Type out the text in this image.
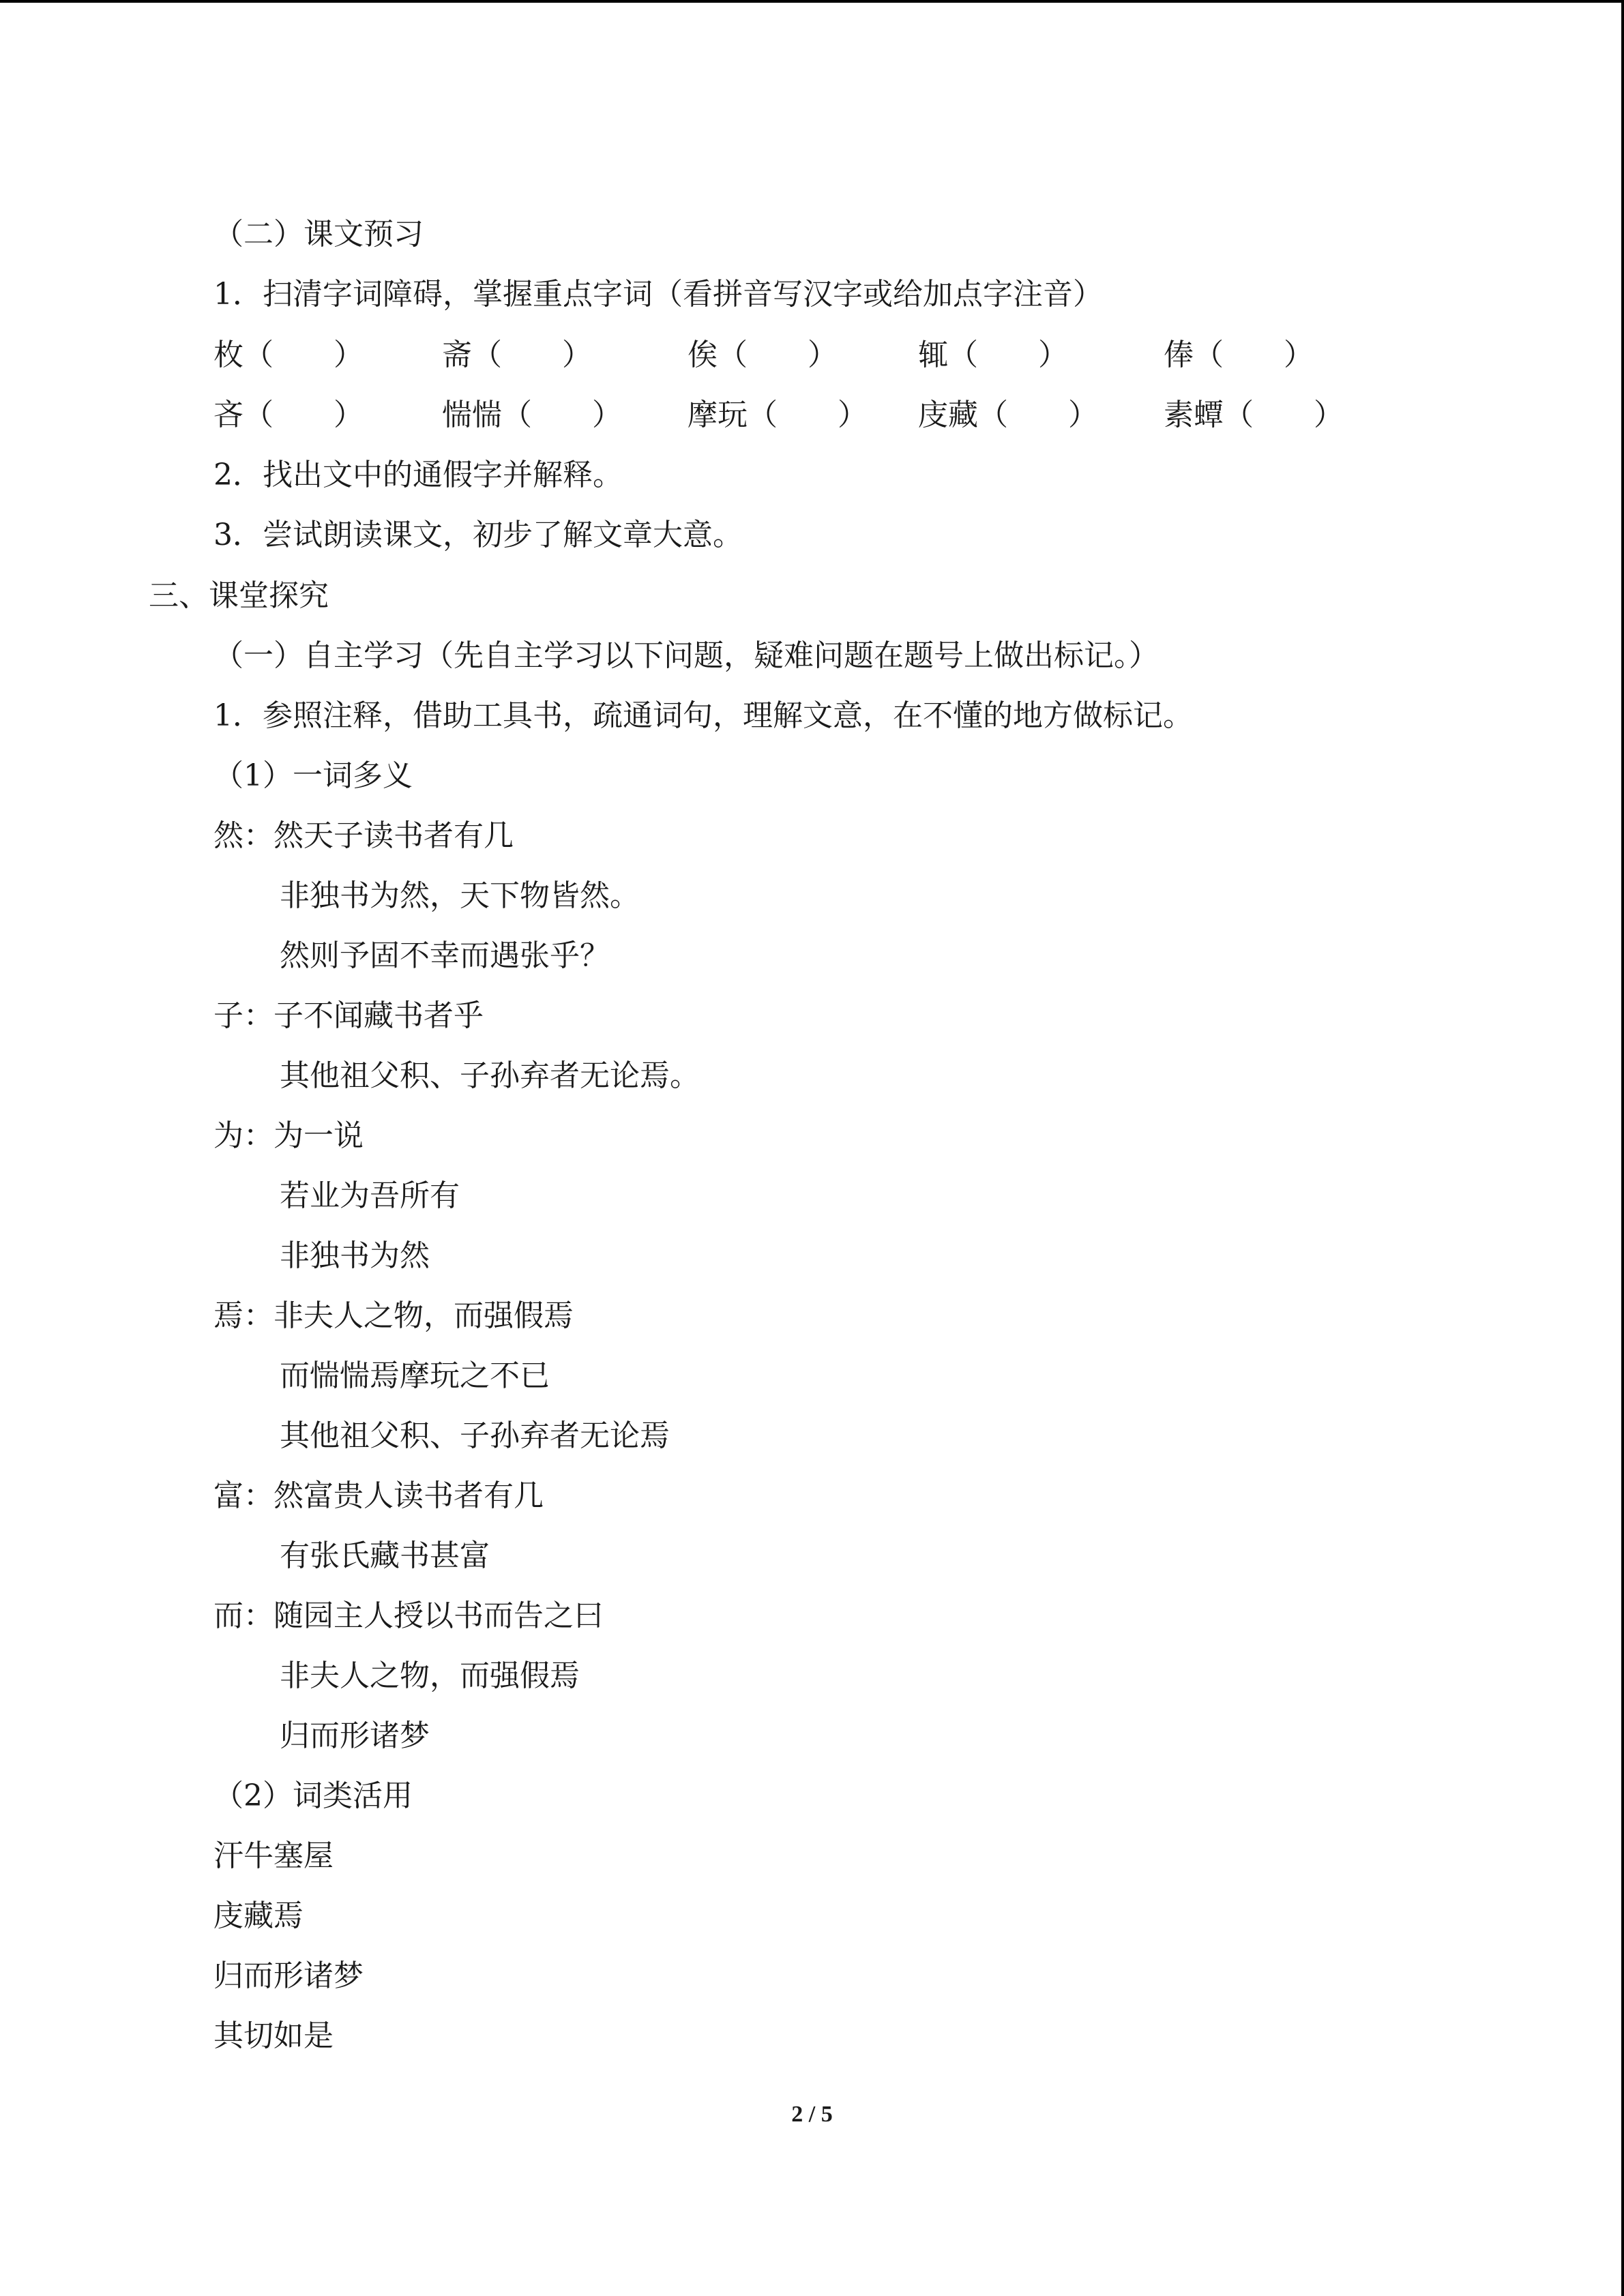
（二）课文预习
1．扫清字词障碍，掌握重点字词（看拼音写汉字或给加点字注音）
枚（　　）	斋（　　）	俟（　　）	辄（　　）	俸（　　）
吝（　　）	惴惴（　　） 摩玩（　　） 庋藏（　　） 素蟫（　　）
2．找出文中的通假字并解释。
3．尝试朗读课文，初步了解文章大意。
三、课堂探究
（一）自主学习（先自主学习以下问题，疑难问题在题号上做出标记。）
1．参照注释，借助工具书，疏通词句，理解文意，在不懂的地方做标记。
（1）一词多义
然：然天子读书者有几
非独书为然，天下物皆然。
然则予固不幸而遇张乎？
子：子不闻藏书者乎
其他祖父积、子孙弃者无论焉。
为：为一说
若业为吾所有
非独书为然
焉：非夫人之物，而强假焉
而惴惴焉摩玩之不已
其他祖父积、子孙弃者无论焉
富：然富贵人读书者有几
有张氏藏书甚富
而：随园主人授以书而告之曰
非夫人之物，而强假焉
归而形诸梦
（2）词类活用
汗牛塞屋
庋藏焉
归而形诸梦
其切如是
2 / 5
